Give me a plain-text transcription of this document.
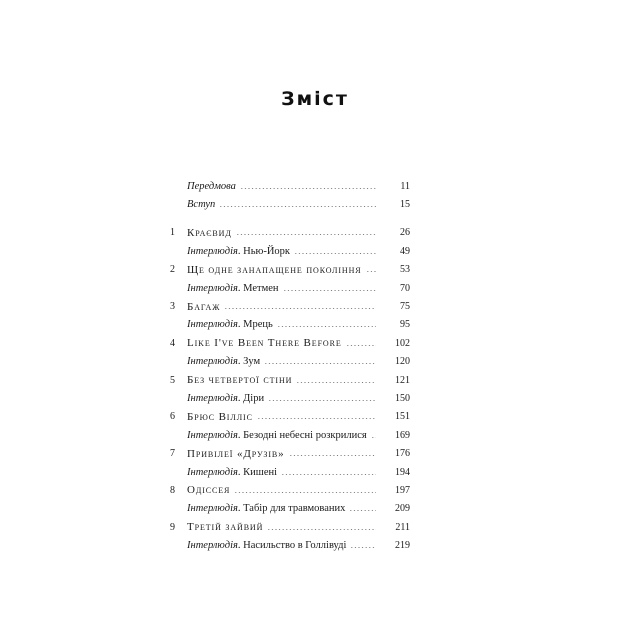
Зміст
Передмова	11
Вступ	15
1	Краєвид	26
Інтерлюдія. Нью-Йорк	49
2	Ще одне занапащене покоління	53
Інтерлюдія. Метмен	70
3	Багаж	75
Інтерлюдія. Мрець	95
4	Like I've Been There Before	102
Інтерлюдія. Зум	120
5	Без четвертої стіни	121
Інтерлюдія. Діри	150
6	Брюс Вілліс	151
Інтерлюдія. Безодні небесні розкрилися	169
7	Привілеї «Друзів»	176
Інтерлюдія. Кишені	194
8	Одіссея	197
Інтерлюдія. Табір для травмованих	209
9	Третій зайвий	211
Інтерлюдія. Насильство в Голлівуді	219
